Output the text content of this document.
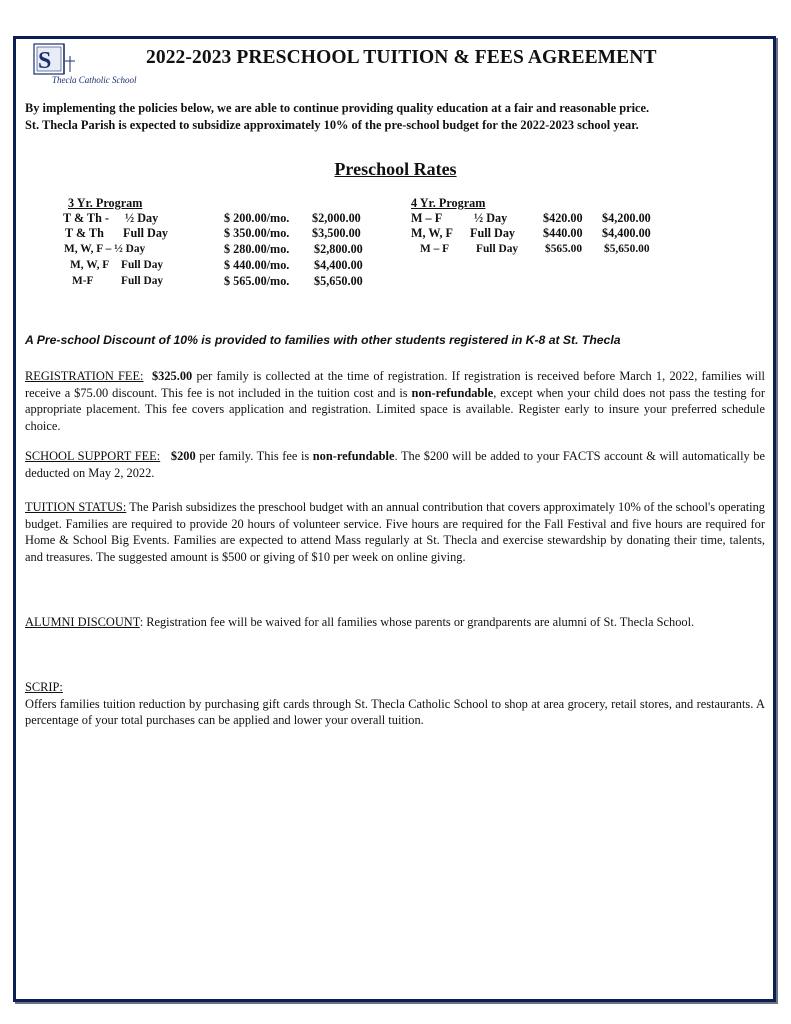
S
Thecla Catholic School
2022-2023 PRESCHOOL TUITION & FEES AGREEMENT
By implementing the policies below, we are able to continue providing quality education at a fair and reasonable price.
St. Thecla Parish is expected to subsidize approximately 10% of the pre-school budget for the 2022-2023 school year.
Preschool Rates
3 Yr. Program
T & Th - ½ Day	$ 200.00/mo. $2,000.00
T & Th Full Day	$ 350.00/mo. $3,500.00
M, W, F – ½ Day	$ 280.00/mo. $2,800.00
M, W, F Full Day	$ 440.00/mo. $4,400.00
M-F Full Day	$ 565.00/mo. $5,650.00
4 Yr. Program
M – F	½ Day	$420.00 $4,200.00
M, W, F Full Day $440.00 $4,400.00
M – F Full Day $565.00 $5,650.00
A Pre-school Discount of 10% is provided to families with other students registered in K-8 at St. Thecla
REGISTRATION FEE: $325.00 per family is collected at the time of registration. If registration is received before March 1, 2022, families will receive a $75.00 discount. This fee is not included in the tuition cost and is non-refundable, except when your child does not pass the testing for appropriate placement. This fee covers application and registration. Limited space is available. Register early to insure your preferred schedule choice.
SCHOOL SUPPORT FEE: $200 per family. This fee is non-refundable. The $200 will be added to your FACTS account & will automatically be deducted on May 2, 2022.
TUITION STATUS: The Parish subsidizes the preschool budget with an annual contribution that covers approximately 10% of the school's operating budget. Families are required to provide 20 hours of volunteer service. Five hours are required for the Fall Festival and five hours are required for Home & School Big Events. Families are expected to attend Mass regularly at St. Thecla and exercise stewardship by donating their time, talents, and treasures. The suggested amount is $500 or giving of $10 per week on online giving.
ALUMNI DISCOUNT: Registration fee will be waived for all families whose parents or grandparents are alumni of St. Thecla School.
SCRIP:
Offers families tuition reduction by purchasing gift cards through St. Thecla Catholic School to shop at area grocery, retail stores, and restaurants. A percentage of your total purchases can be applied and lower your overall tuition.
